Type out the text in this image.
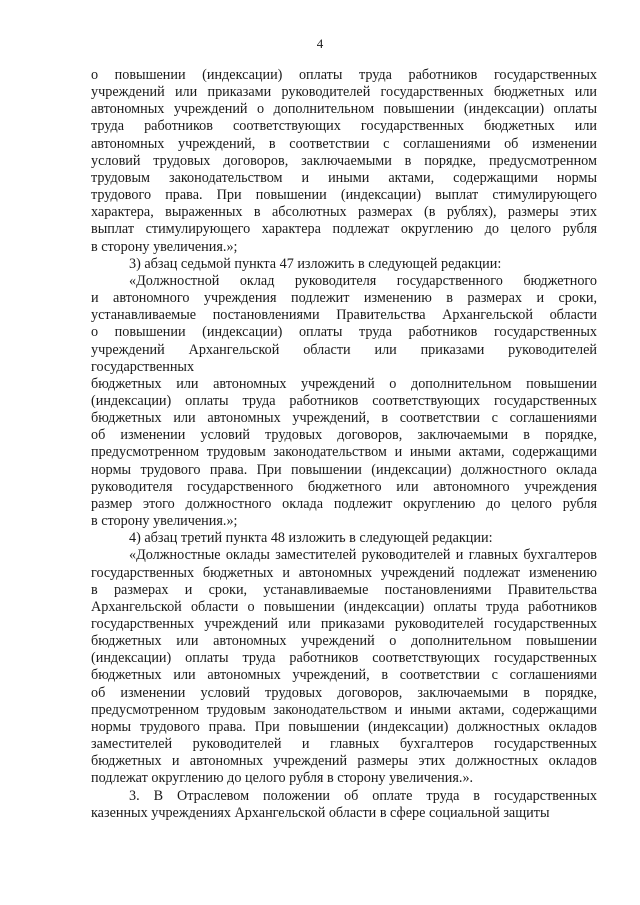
4
о повышении (индексации) оплаты труда работников государственных
учреждений или приказами руководителей государственных бюджетных или
автономных учреждений о дополнительном повышении (индексации) оплаты
труда работников соответствующих государственных бюджетных или
автономных учреждений, в соответствии с соглашениями об изменении
условий трудовых договоров, заключаемыми в порядке, предусмотренном
трудовым законодательством и иными актами, содержащими нормы
трудового права. При повышении (индексации) выплат стимулирующего
характера, выраженных в абсолютных размерах (в рублях), размеры этих
выплат стимулирующего характера подлежат округлению до целого рубля
в сторону увеличения.»;
3) абзац седьмой пункта 47 изложить в следующей редакции:
«Должностной оклад руководителя государственного бюджетного
и автономного учреждения подлежит изменению в размерах и сроки,
устанавливаемые постановлениями Правительства Архангельской области
о повышении (индексации) оплаты труда работников государственных
учреждений Архангельской области или приказами руководителей государственных
бюджетных или автономных учреждений о дополнительном повышении
(индексации) оплаты труда работников соответствующих государственных
бюджетных или автономных учреждений, в соответствии с соглашениями
об изменении условий трудовых договоров, заключаемыми в порядке,
предусмотренном трудовым законодательством и иными актами, содержащими
нормы трудового права. При повышении (индексации) должностного оклада
руководителя государственного бюджетного или автономного учреждения
размер этого должностного оклада подлежит округлению до целого рубля
в сторону увеличения.»;
4) абзац третий пункта 48 изложить в следующей редакции:
«Должностные оклады заместителей руководителей и главных бухгалтеров
государственных бюджетных и автономных учреждений подлежат изменению
в размерах и сроки, устанавливаемые постановлениями Правительства
Архангельской области о повышении (индексации) оплаты труда работников
государственных учреждений или приказами руководителей государственных
бюджетных или автономных учреждений о дополнительном повышении
(индексации) оплаты труда работников соответствующих государственных
бюджетных или автономных учреждений, в соответствии с соглашениями
об изменении условий трудовых договоров, заключаемыми в порядке,
предусмотренном трудовым законодательством и иными актами, содержащими
нормы трудового права. При повышении (индексации) должностных окладов
заместителей руководителей и главных бухгалтеров государственных
бюджетных и автономных учреждений размеры этих должностных окладов
подлежат округлению до целого рубля в сторону увеличения.».
3. В Отраслевом положении об оплате труда в государственных
казенных учреждениях Архангельской области в сфере социальной защиты
